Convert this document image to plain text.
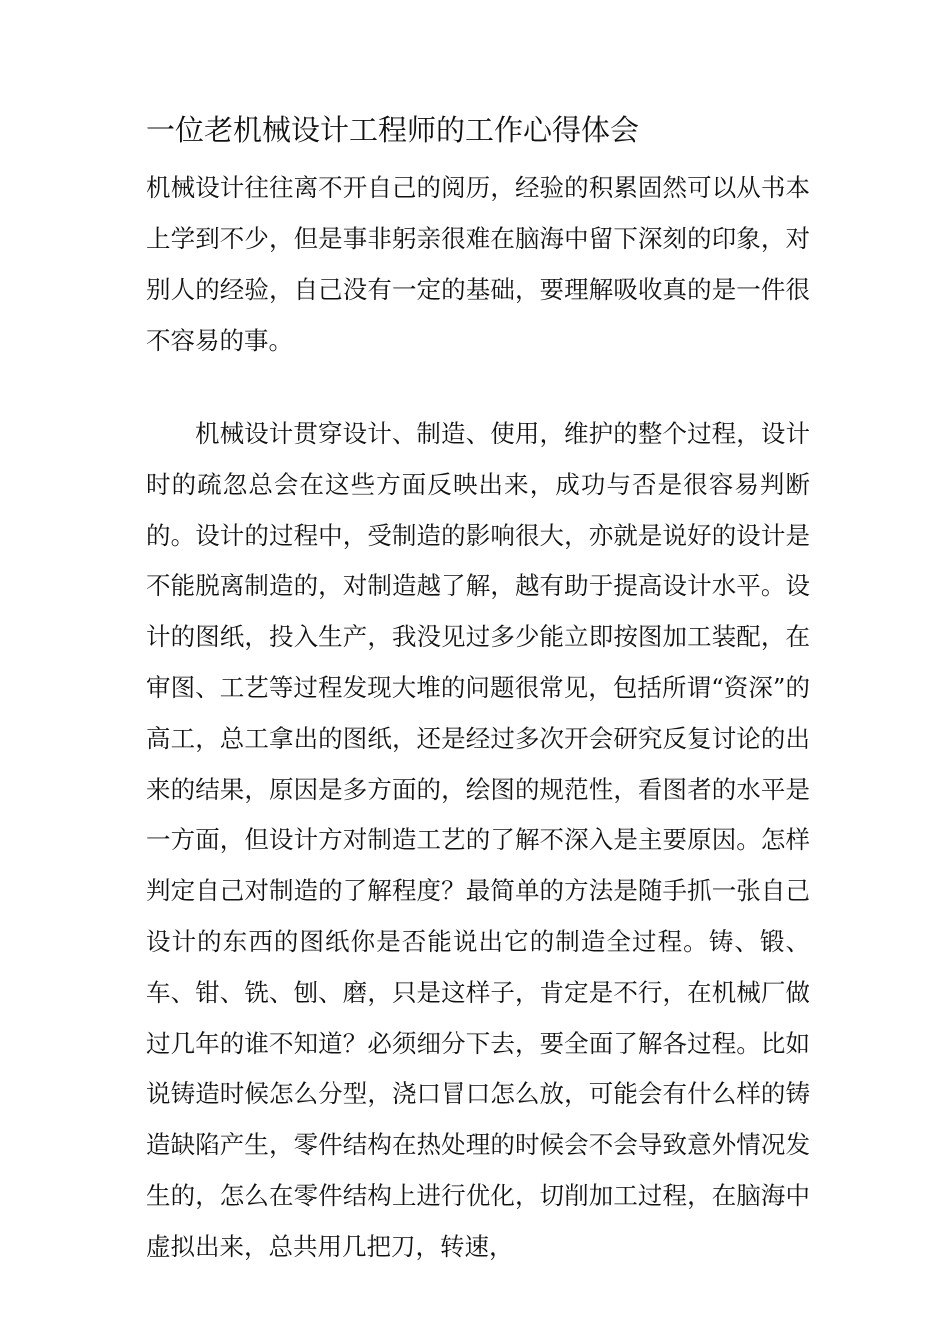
一位老机械设计工程师的工作心得体会

机械设计往往离不开自己的阅历，经验的积累固然可以从书本上学到不少，但是事非躬亲很难在脑海中留下深刻的印象，对别人的经验，自己没有一定的基础，要理解吸收真的是一件很不容易的事。

机械设计贯穿设计、制造、使用，维护的整个过程，设计时的疏忽总会在这些方面反映出来，成功与否是很容易判断的。设计的过程中，受制造的影响很大，亦就是说好的设计是不能脱离制造的，对制造越了解，越有助于提高设计水平。设计的图纸，投入生产，我没见过多少能立即按图加工装配，在审图、工艺等过程发现大堆的问题很常见，包括所谓“资深”的高工，总工拿出的图纸，还是经过多次开会研究反复讨论的出来的结果，原因是多方面的，绘图的规范性，看图者的水平是一方面，但设计方对制造工艺的了解不深入是主要原因。怎样判定自己对制造的了解程度？最简单的方法是随手抓一张自己设计的东西的图纸你是否能说出它的制造全过程。铸、锻、车、钳、铣、刨、磨，只是这样子，肯定是不行，在机械厂做过几年的谁不知道？必须细分下去，要全面了解各过程。比如说铸造时候怎么分型，浇口冒口怎么放，可能会有什么样的铸造缺陷产生，零件结构在热处理的时候会不会导致意外情况发生的，怎么在零件结构上进行优化，切削加工过程，在脑海中虚拟出来，总共用几把刀，转速，
